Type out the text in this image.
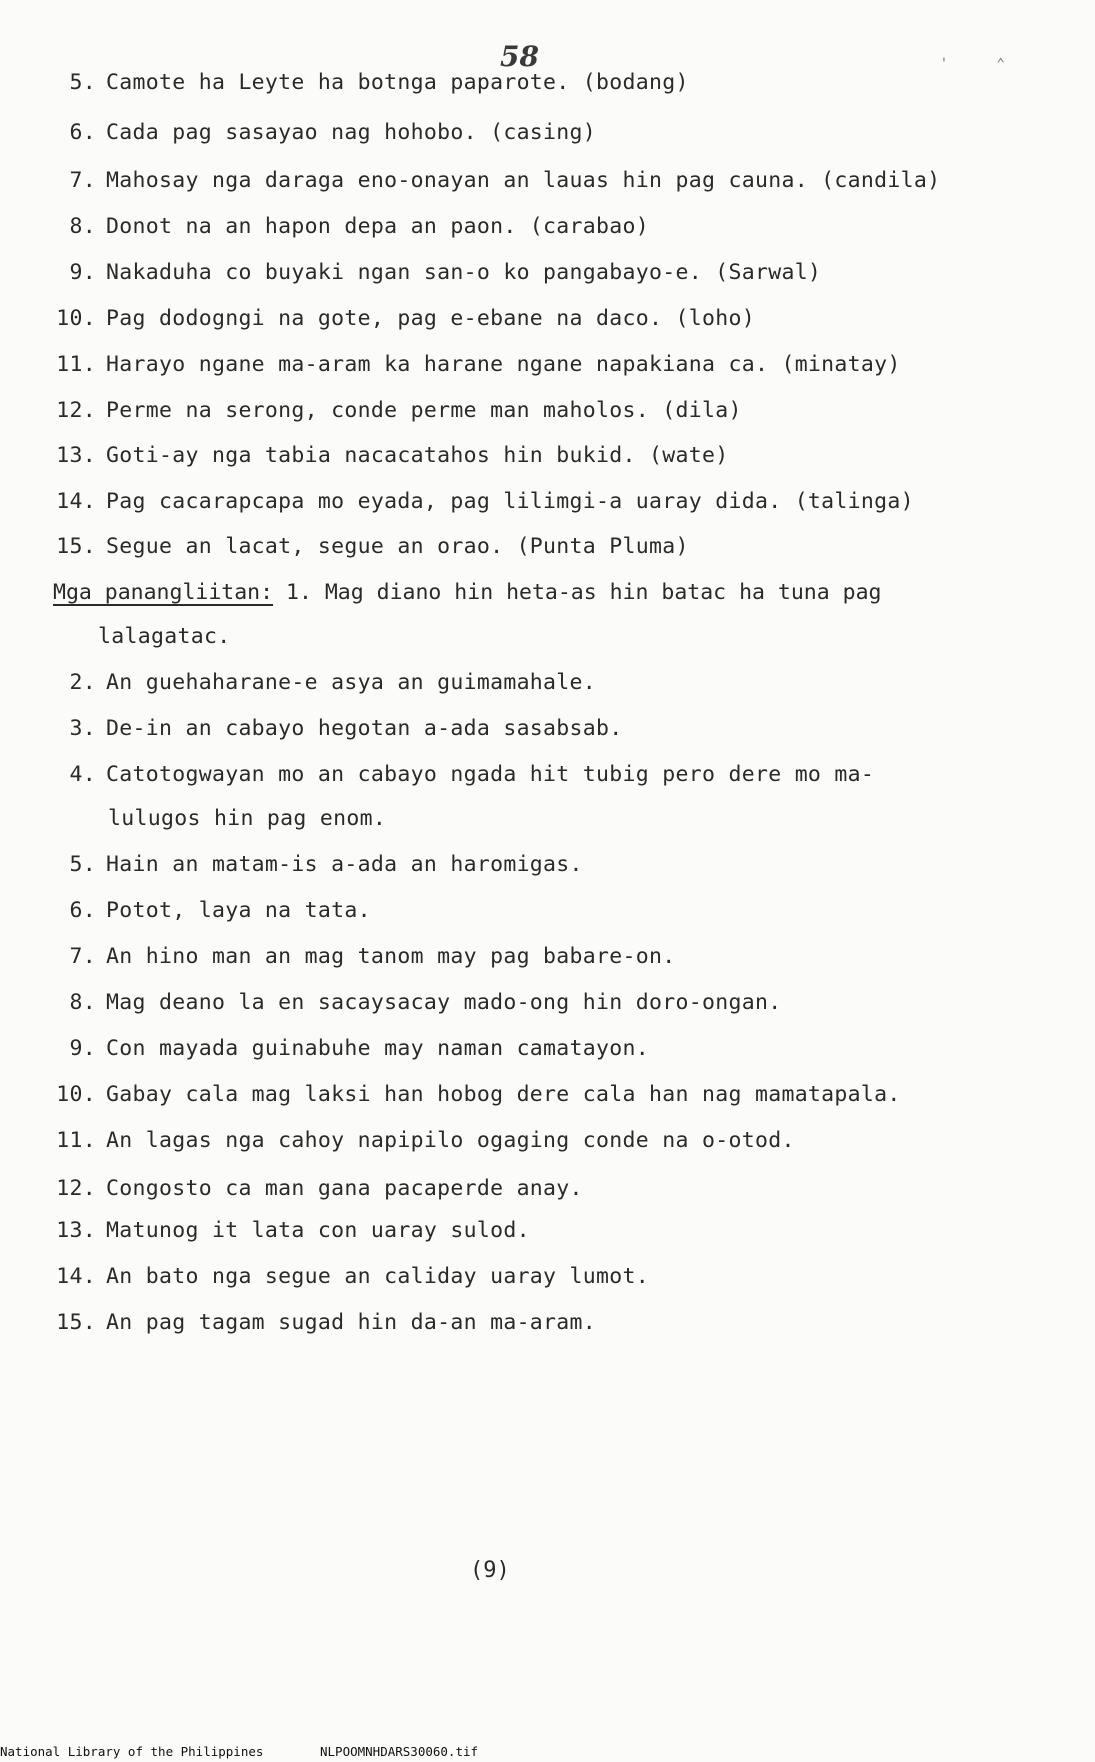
58	' ⌃
5. Camote ha Leyte ha botnga paparote. (bodang)
6. Cada pag sasayao nag hohobo. (casing)
7. Mahosay nga daraga eno-onayan an lauas hin pag cauna. (candila)
8. Donot na an hapon depa an paon. (carabao)
9. Nakaduha co buyaki ngan san-o ko pangabayo-e. (Sarwal)
10. Pag dodogngi na gote, pag e-ebane na daco. (loho)
11. Harayo ngane ma-aram ka harane ngane napakiana ca. (minatay)
12. Perme na serong, conde perme man maholos. (dila)
13. Goti-ay nga tabia nacacatahos hin bukid. (wate)
14. Pag cacarapcapa mo eyada, pag lilimgi-a uaray dida. (talinga)
15. Segue an lacat, segue an orao. (Punta Pluma)
Mga panangliitan: 1. Mag diano hin heta-as hin batac ha tuna pag
lalagatac.
2. An guehaharane-e asya an guimamahale.
3. De-in an cabayo hegotan a-ada sasabsab.
4. Catotogwayan mo an cabayo ngada hit tubig pero dere mo ma-
lulugos hin pag enom.
5. Hain an matam-is a-ada an haromigas.
6. Potot, laya na tata.
7. An hino man an mag tanom may pag babare-on.
8. Mag deano la en sacaysacay mado-ong hin doro-ongan.
9. Con mayada guinabuhe may naman camatayon.
10. Gabay cala mag laksi han hobog dere cala han nag mamatapala.
11. An lagas nga cahoy napipilo ogaging conde na o-otod.
12. Congosto ca man gana pacaperde anay.
13. Matunog it lata con uaray sulod.
14. An bato nga segue an caliday uaray lumot.
15. An pag tagam sugad hin da-an ma-aram.
(9)
National Library of the Philippines	NLPOOMNHDARS30060.tif
